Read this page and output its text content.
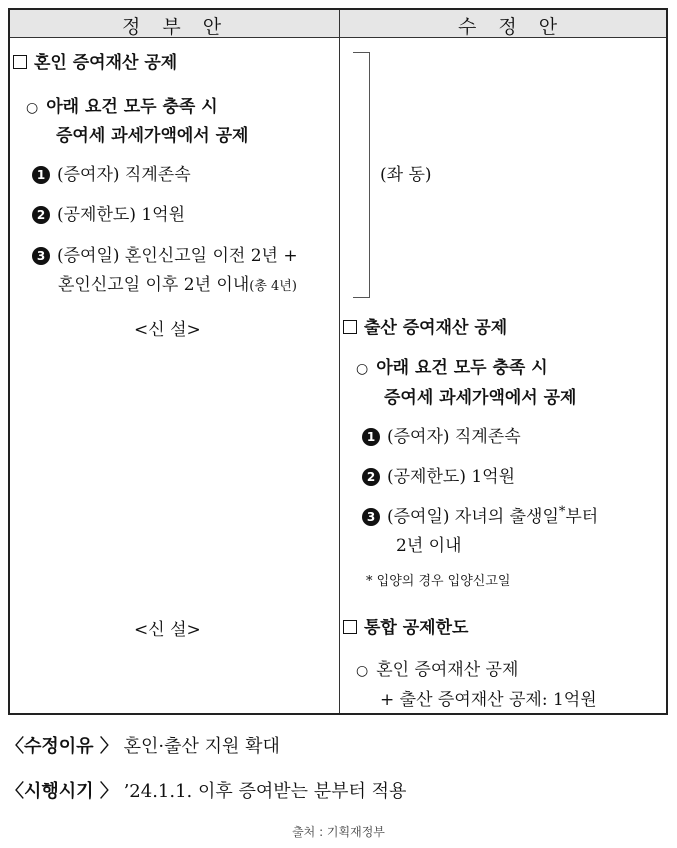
정부안	수정안
혼인 증여재산 공제
○ 아래 요건 모두 충족 시
증여세 과세가액에서 공제
1 (증여자) 직계존속
2 (공제한도) 1억원
3 (증여일) 혼인신고일 이전 2년 +
혼인신고일 이후 2년 이내(총 4년)
<신 설>
<신 설>
(좌 동)
출산 증여재산 공제
○ 아래 요건 모두 충족 시
증여세 과세가액에서 공제
1 (증여자) 직계존속
2 (공제한도) 1억원
3 (증여일) 자녀의 출생일*부터
2년 이내
* 입양의 경우 입양신고일
통합 공제한도
○ 혼인 증여재산 공제
+ 출산 증여재산 공제: 1억원
〈수정이유 〉 혼인·출산 지원 확대
〈시행시기 〉 ’24.1.1. 이후 증여받는 분부터 적용
출처 : 기획재정부
